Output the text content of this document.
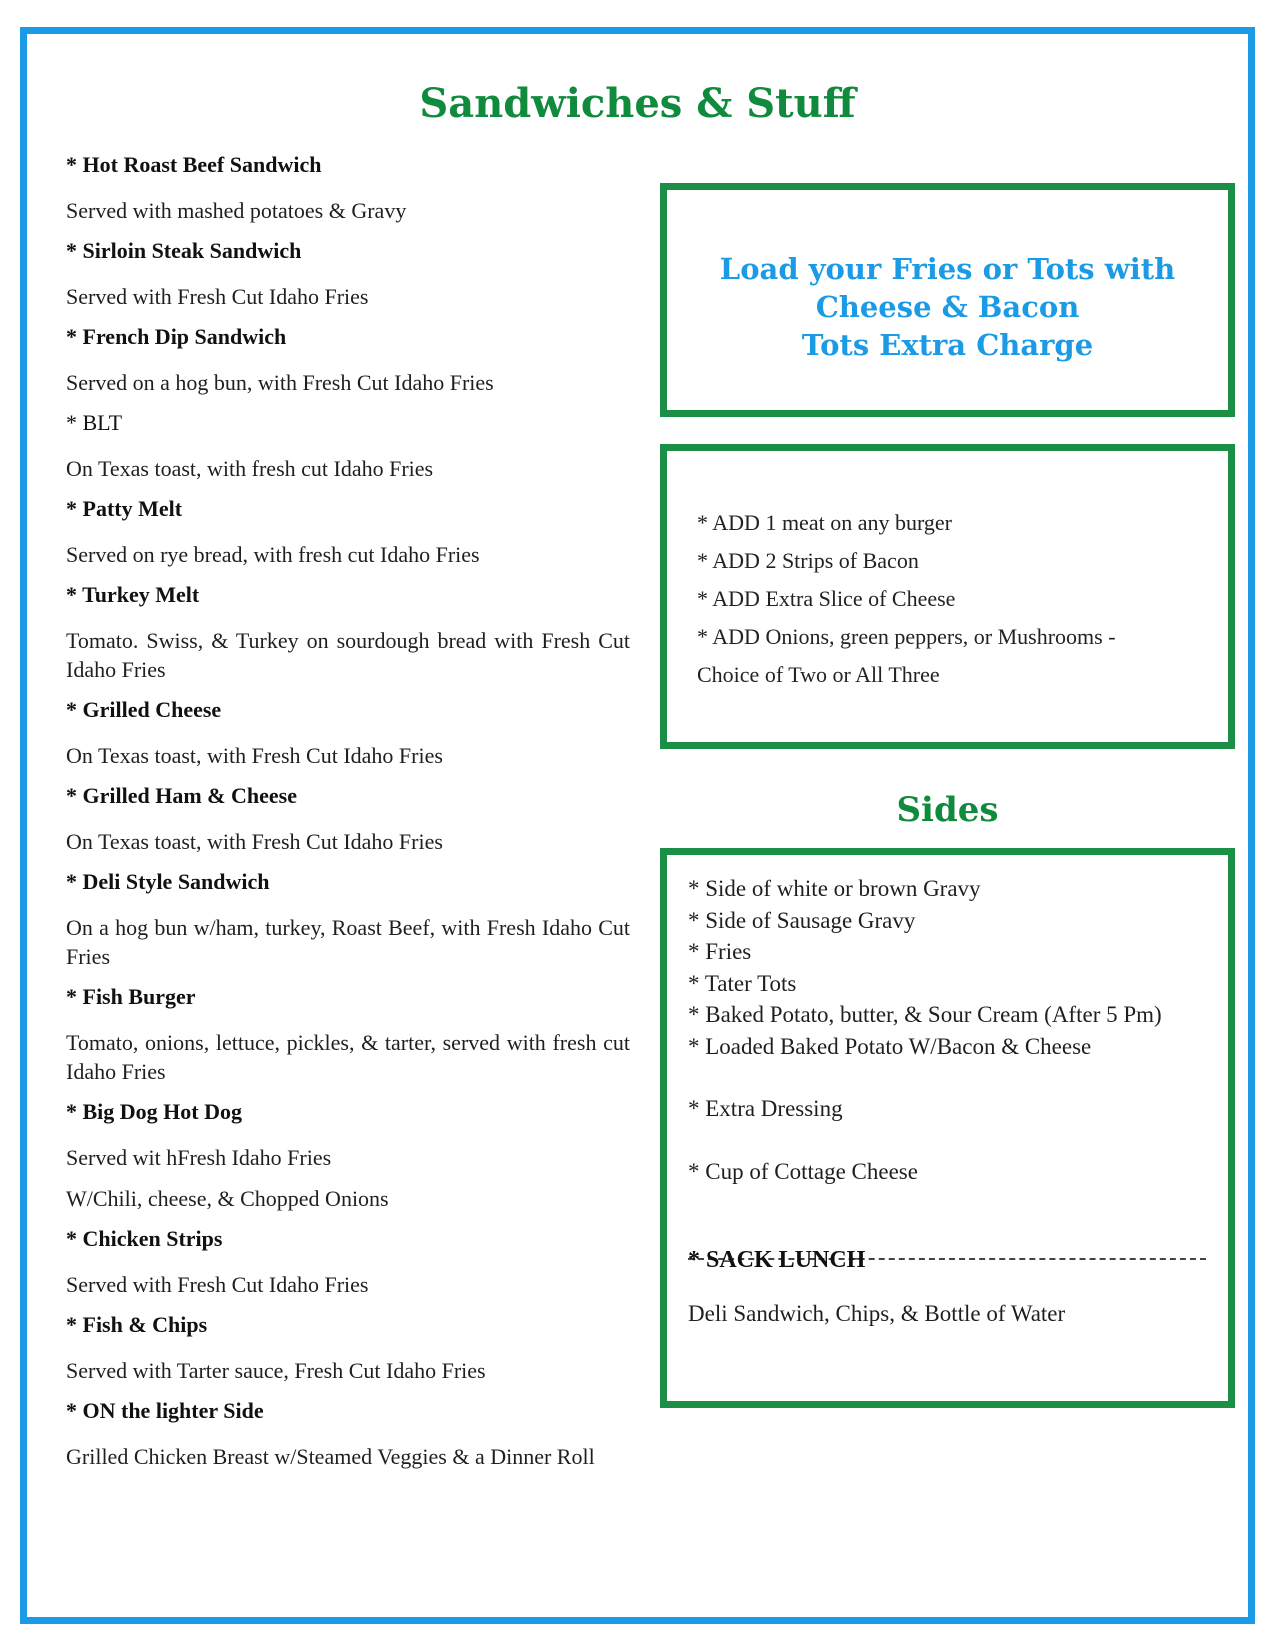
Sandwiches & Stuff
* Hot Roast Beef Sandwich
Served with mashed potatoes & Gravy
* Sirloin Steak Sandwich
Served with Fresh Cut Idaho Fries
* French Dip Sandwich
Served on a hog bun, with Fresh Cut Idaho Fries
* BLT
On Texas toast, with fresh cut Idaho Fries
* Patty Melt
Served on rye bread, with fresh cut Idaho Fries
* Turkey Melt
Tomato. Swiss, & Turkey on sourdough bread with Fresh Cut Idaho Fries
* Grilled Cheese
On Texas toast, with Fresh Cut Idaho Fries
* Grilled Ham & Cheese
On Texas toast, with Fresh Cut Idaho Fries
* Deli Style Sandwich
On a hog bun w/ham, turkey, Roast Beef, with Fresh Idaho Cut Fries
* Fish Burger
Tomato, onions, lettuce, pickles, & tarter, served with fresh cut Idaho Fries
* Big Dog Hot Dog
Served wit hFresh Idaho Fries
W/Chili, cheese, & Chopped Onions
* Chicken Strips
Served with Fresh Cut Idaho Fries
* Fish & Chips
Served with Tarter sauce, Fresh Cut Idaho Fries
* ON the lighter Side
Grilled Chicken Breast w/Steamed Veggies & a Dinner Roll
Load your Fries or Tots with
Cheese & Bacon
Tots Extra Charge
* ADD 1 meat on any burger
* ADD 2 Strips of Bacon
* ADD Extra Slice of Cheese
* ADD Onions, green peppers, or Mushrooms -
Choice of Two or All Three
Sides
* Side of white or brown Gravy
* Side of Sausage Gravy
* Fries
* Tater Tots
* Baked Potato, butter, & Sour Cream (After 5 Pm)
* Loaded Baked Potato W/Bacon & Cheese
* Extra Dressing
* Cup of Cottage Cheese
* SACK LUNCH
Deli Sandwich, Chips, & Bottle of Water
